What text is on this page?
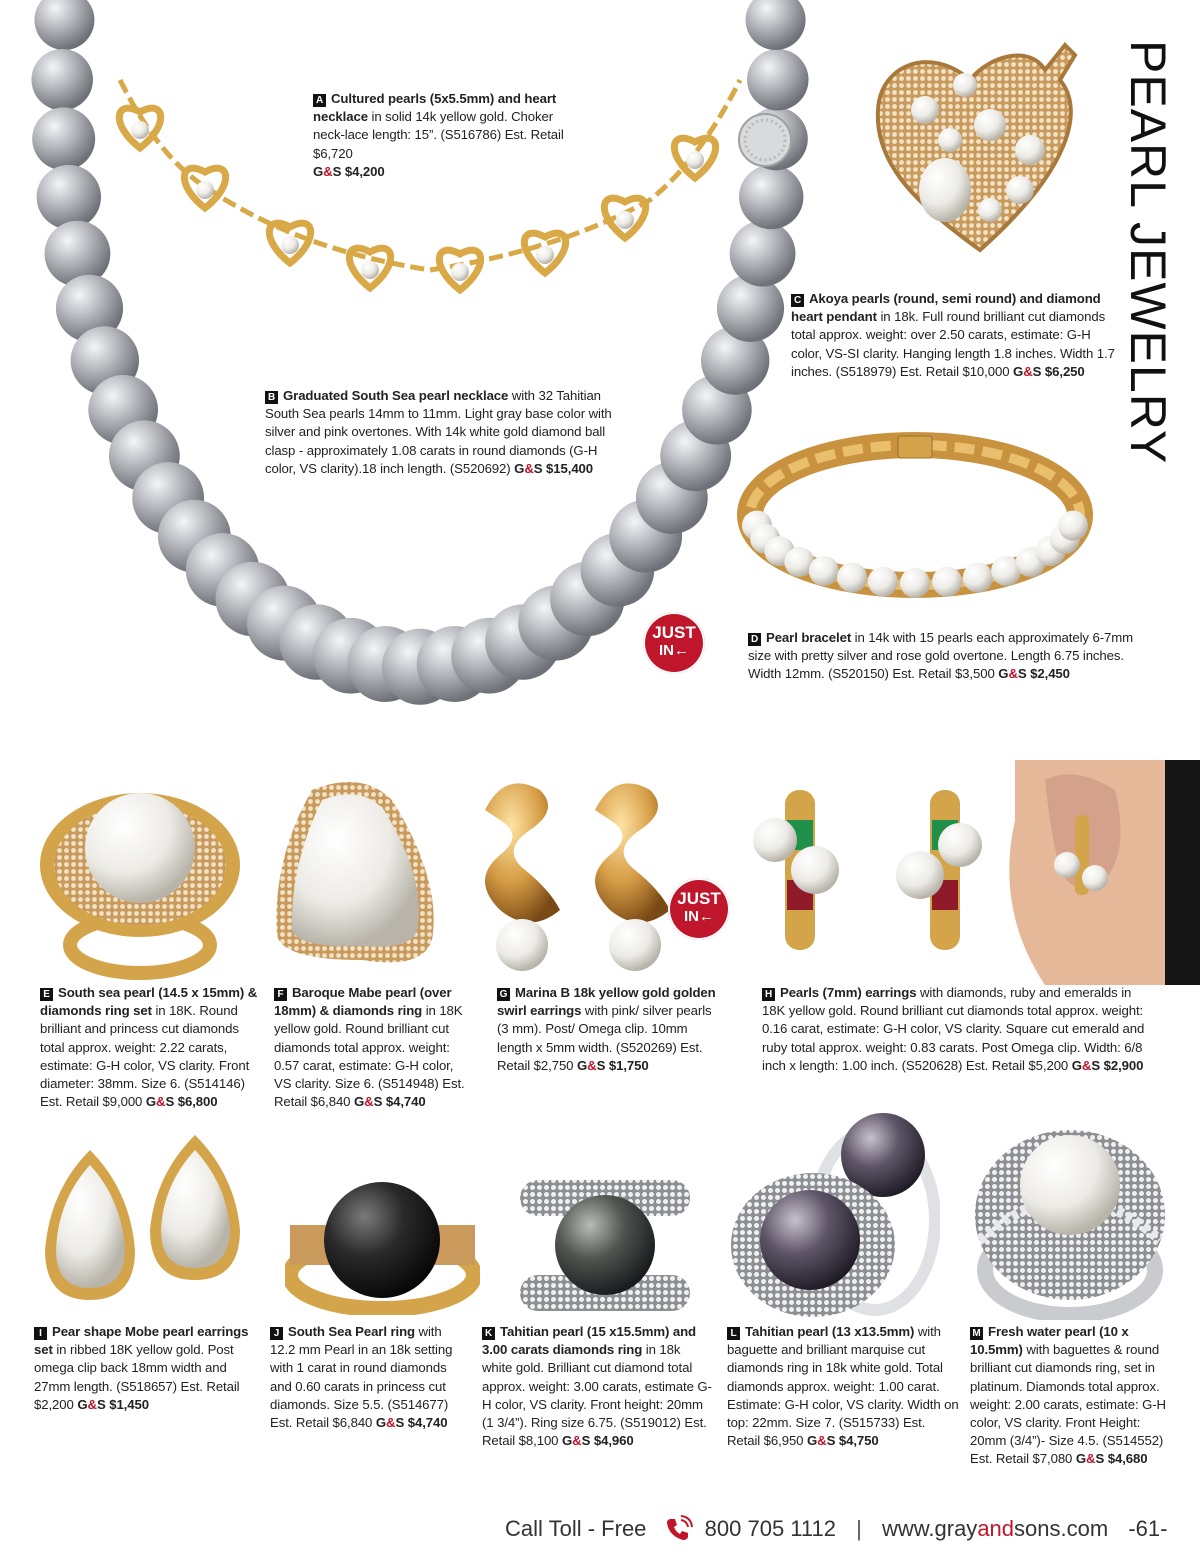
PEARL JEWELRY
JUST
IN←
JUST
IN←
A Cultured pearls (5x5.5mm) and heart necklace in solid 14k yellow gold. Choker neck-lace length: 15”. (S516786) Est. Retail $6,720
G&S $4,200
B Graduated South Sea pearl necklace with 32 Tahitian South Sea pearls 14mm to 11mm. Light gray base color with silver and pink overtones. With 14k white gold diamond ball clasp - approximately 1.08 carats in round diamonds (G-H color, VS clarity).18 inch length. (S520692) G&S $15,400
C Akoya pearls (round, semi round) and diamond heart pendant in 18k. Full round brilliant cut diamonds total approx. weight: over 2.50 carats, estimate: G-H color, VS-SI clarity. Hanging length 1.8 inches. Width 1.7 inches. (S518979) Est. Retail $10,000 G&S $6,250
D Pearl bracelet in 14k with 15 pearls each approximately 6-7mm size with pretty silver and rose gold overtone. Length 6.75 inches. Width 12mm. (S520150) Est. Retail $3,500 G&S $2,450
E South sea pearl (14.5 x 15mm) & diamonds ring set in 18K. Round brilliant and princess cut diamonds total approx. weight: 2.22 carats, estimate: G-H color, VS clarity. Front diameter: 38mm. Size 6. (S514146) Est. Retail $9,000 G&S $6,800
F Baroque Mabe pearl (over 18mm) & diamonds ring in 18K yellow gold. Round brilliant cut diamonds total approx. weight: 0.57 carat, estimate: G-H color, VS clarity. Size 6. (S514948) Est. Retail $6,840 G&S $4,740
G Marina B 18k yellow gold golden swirl earrings with pink/ silver pearls (3 mm). Post/ Omega clip. 10mm length x 5mm width. (S520269) Est. Retail $2,750 G&S $1,750
H Pearls (7mm) earrings with diamonds, ruby and emeralds in 18K yellow gold. Round brilliant cut diamonds total approx. weight: 0.16 carat, estimate: G-H color, VS clarity. Square cut emerald and ruby total approx. weight: 0.83 carats. Post Omega clip. Width: 6/8 inch x length: 1.00 inch. (S520628) Est. Retail $5,200 G&S $2,900
I Pear shape Mobe pearl earrings set in ribbed 18K yellow gold. Post omega clip back 18mm width and 27mm length. (S518657) Est. Retail $2,200 G&S $1,450
J South Sea Pearl ring with 12.2 mm Pearl in an 18k setting with 1 carat in round diamonds and 0.60 carats in princess cut diamonds. Size 5.5. (S514677) Est. Retail $6,840 G&S $4,740
K Tahitian pearl (15 x15.5mm) and 3.00 carats diamonds ring in 18k white gold. Brilliant cut diamond total approx. weight: 3.00 carats, estimate G-H color, VS clarity. Front height: 20mm (1 3/4”). Ring size 6.75. (S519012) Est. Retail $8,100 G&S $4,960
L Tahitian pearl (13 x13.5mm) with baguette and brilliant marquise cut diamonds ring in 18k white gold. Total diamonds approx. weight: 1.00 carat. Estimate: G-H color, VS clarity. Width on top: 22mm. Size 7. (S515733) Est. Retail $6,950 G&S $4,750
M Fresh water pearl (10 x 10.5mm) with baguettes & round brilliant cut diamonds ring, set in platinum. Diamonds total approx. weight: 2.00 carats, estimate: G-H color, VS clarity. Front Height: 20mm (3/4”)- Size 4.5. (S514552) Est. Retail $7,080 G&S $4,680
Call Toll - Free	800 705 1112 | www.grayandsons.com -61-
